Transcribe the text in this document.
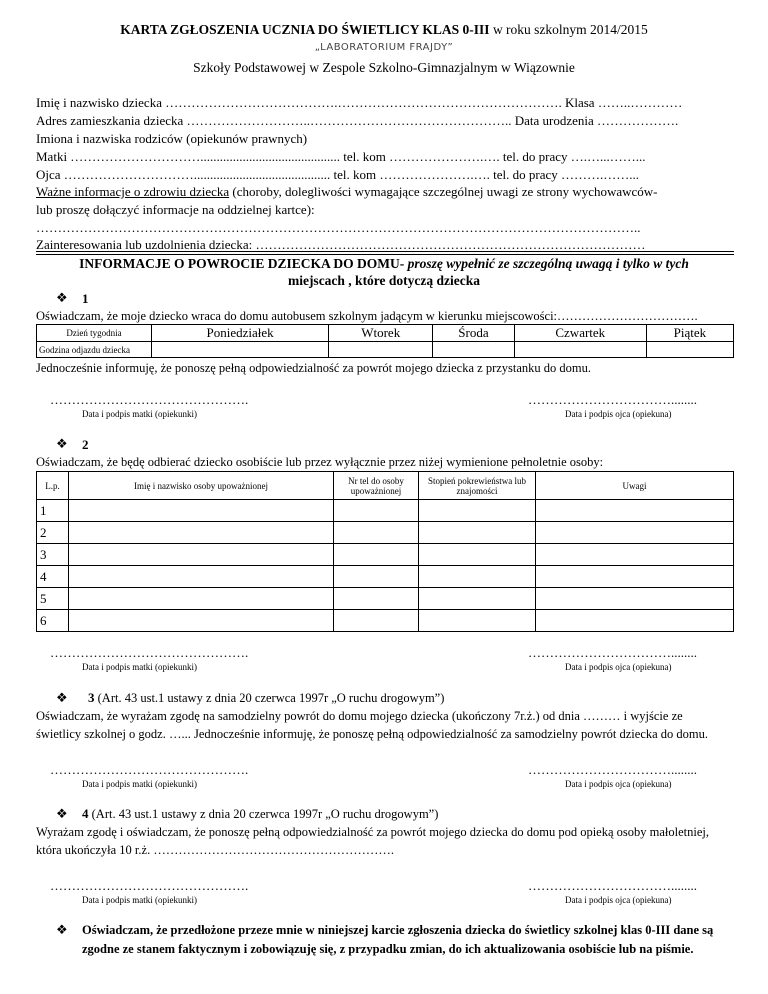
KARTA ZGŁOSZENIA UCZNIA DO ŚWIETLICY KLAS 0-III w roku szkolnym 2014/2015
„LABORATORIUM FRAJDY”
Szkoły Podstawowej w Zespole Szkolno-Gimnazjalnym w Wiązownie
Imię i nazwisko dziecka ………………………………….……………………………………………. Klasa ……..…………
Adres zamieszkania dziecka ………………………..……………………………………….. Data urodzenia ……………….
Imiona i nazwiska rodziców (opiekunów prawnych)
Matki …………………………........................................... tel. kom ………………….…. tel. do pracy ….…...……...
Ojca ………………………….......................................... tel. kom ………………….…. tel. do pracy ……….……...
Ważne informacje o zdrowiu dziecka (choroby, dolegliwości wymagające szczególnej uwagi ze strony wychowawców-
lub proszę dołączyć informacje na oddzielnej kartce):
…………………………………………………………………………………………………………………………..
Zainteresowania lub uzdolnienia dziecka: ………………………………………………………………………………
INFORMACJE O POWROCIE DZIECKA DO DOMU- proszę wypełnić ze szczególną uwagą i tylko w tych
miejscach , które dotyczą dziecka
❖ 1
Oświadczam, że moje dziecko wraca do domu autobusem szkolnym jadącym w kierunku miejscowości:…………………………….
Dzień tygodnia	Poniedziałek	Wtorek	Środa	Czwartek	Piątek
Godzina odjazdu dziecka					
Jednocześnie informuję, że ponoszę pełną odpowiedzialność za powrót mojego dziecka z przystanku do domu.
……………………………………….	……………………………........
Data i podpis matki (opiekunki)	Data i podpis ojca (opiekuna)
❖ 2
Oświadczam, że będę odbierać dziecko osobiście lub przez wyłącznie przez niżej wymienione pełnoletnie osoby:
L.p.	Imię i nazwisko osoby upoważnionej	Nr tel do osoby upoważnionej	Stopień pokrewieństwa lub znajomości	Uwagi
1				
2				
3				
4				
5				
6				
……………………………………….	……………………………........
Data i podpis matki (opiekunki)	Data i podpis ojca (opiekuna)
❖ 3 (Art. 43 ust.1 ustawy z dnia 20 czerwca 1997r „O ruchu drogowym”)
Oświadczam, że wyrażam zgodę na samodzielny powrót do domu mojego dziecka (ukończony 7r.ż.) od dnia ……… i wyjście ze
świetlicy szkolnej o godz. …... Jednocześnie informuję, że ponoszę pełną odpowiedzialność za samodzielny powrót dziecka do domu.
……………………………………….	……………………………........
Data i podpis matki (opiekunki)	Data i podpis ojca (opiekuna)
❖ 4 (Art. 43 ust.1 ustawy z dnia 20 czerwca 1997r „O ruchu drogowym”)
Wyrażam zgodę i oświadczam, że ponoszę pełną odpowiedzialność za powrót mojego dziecka do domu pod opieką osoby małoletniej,
która ukończyła 10 r.ż. ………………………………………………….
……………………………………….	……………………………........
Data i podpis matki (opiekunki)	Data i podpis ojca (opiekuna)
❖ Oświadczam, że przedłożone przeze mnie w niniejszej karcie zgłoszenia dziecka do świetlicy szkolnej klas 0-III dane są
zgodne ze stanem faktycznym i zobowiązuję się, z przypadku zmian, do ich aktualizowania osobiście lub na piśmie.
